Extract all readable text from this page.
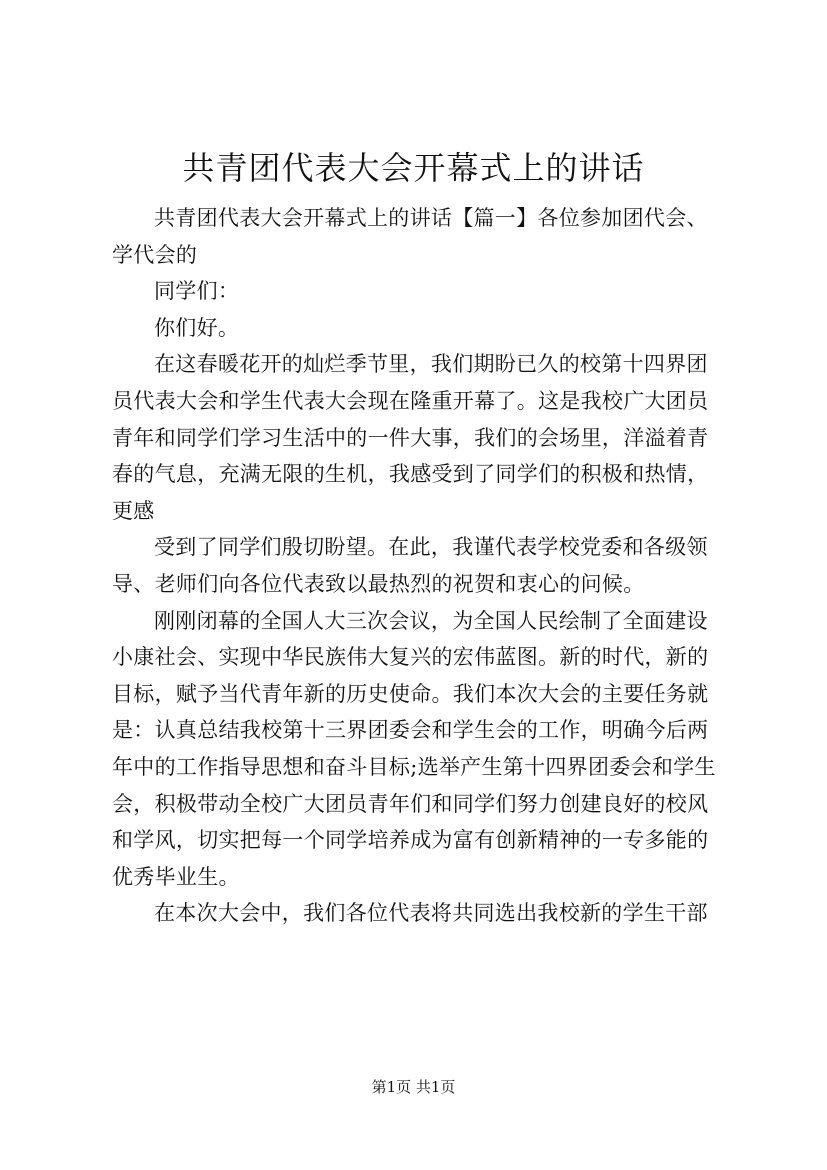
共青团代表大会开幕式上的讲话

共青团代表大会开幕式上的讲话【篇一】各位参加团代会、学代会的

同学们：

你们好。

在这春暖花开的灿烂季节里，我们期盼已久的校第十四界团员代表大会和学生代表大会现在隆重开幕了。这是我校广大团员青年和同学们学习生活中的一件大事，我们的会场里，洋溢着青春的气息，充满无限的生机，我感受到了同学们的积极和热情，更感

受到了同学们殷切盼望。在此，我谨代表学校党委和各级领导、老师们向各位代表致以最热烈的祝贺和衷心的问候。

刚刚闭幕的全国人大三次会议，为全国人民绘制了全面建设小康社会、实现中华民族伟大复兴的宏伟蓝图。新的时代，新的目标，赋予当代青年新的历史使命。我们本次大会的主要任务就是：认真总结我校第十三界团委会和学生会的工作，明确今后两年中的工作指导思想和奋斗目标;选举产生第十四界团委会和学生会，积极带动全校广大团员青年们和同学们努力创建良好的校风和学风，切实把每一个同学培养成为富有创新精神的一专多能的优秀毕业生。

在本次大会中，我们各位代表将共同选出我校新的学生干部

第1页 共1页
